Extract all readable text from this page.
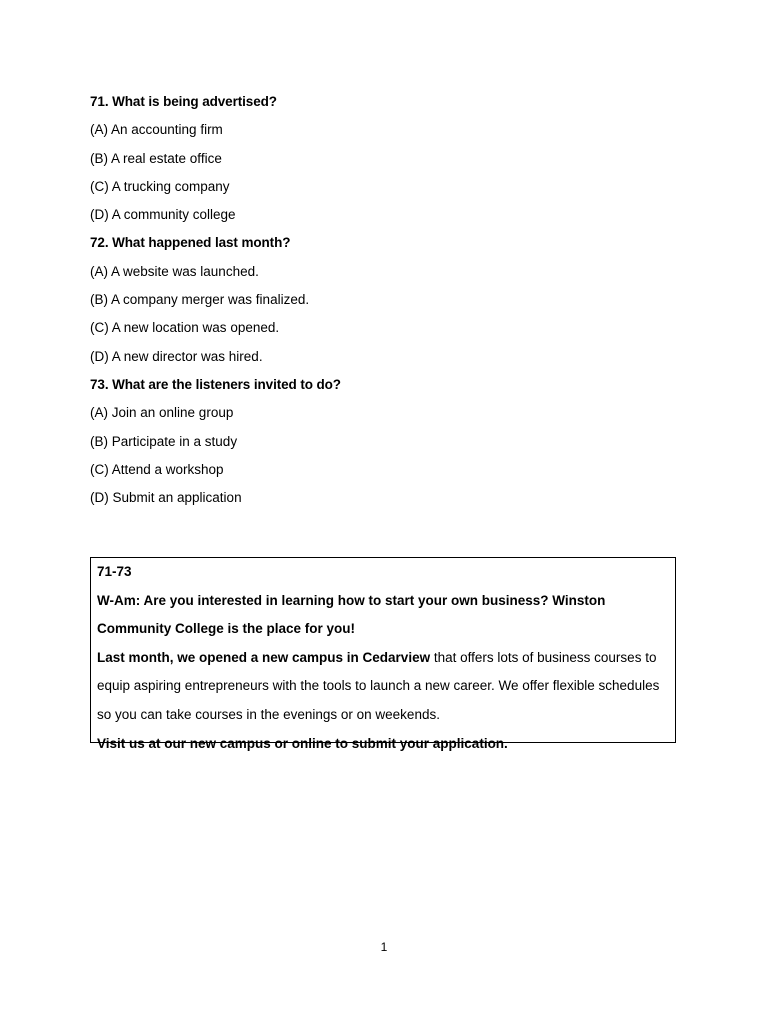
71. What is being advertised?
(A) An accounting firm
(B) A real estate office
(C) A trucking company
(D) A community college
72. What happened last month?
(A) A website was launched.
(B) A company merger was finalized.
(C) A new location was opened.
(D) A new director was hired.
73. What are the listeners invited to do?
(A) Join an online group
(B) Participate in a study
(C) Attend a workshop
(D) Submit an application
71-73
W-Am: Are you interested in learning how to start your own business? Winston Community College is the place for you!
Last month, we opened a new campus in Cedarview that offers lots of business courses to equip aspiring entrepreneurs with the tools to launch a new career. We offer flexible schedules so you can take courses in the evenings or on weekends.
Visit us at our new campus or online to submit your application.
1
